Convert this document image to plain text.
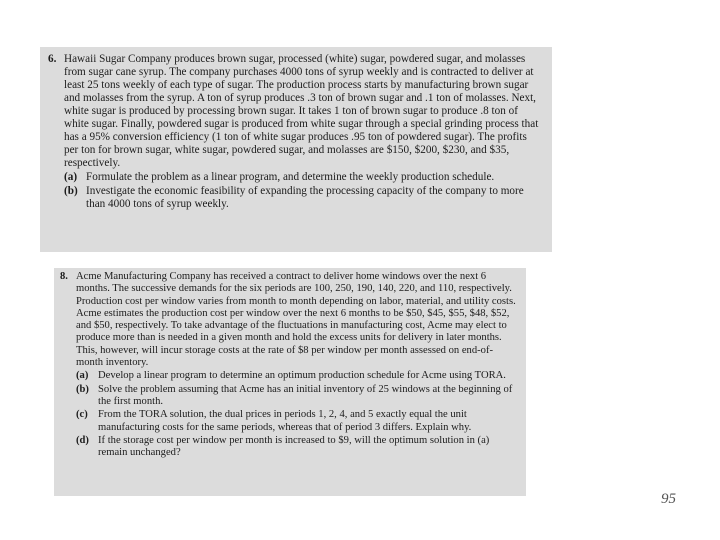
6. Hawaii Sugar Company produces brown sugar, processed (white) sugar, powdered sugar, and molasses from sugar cane syrup. The company purchases 4000 tons of syrup weekly and is contracted to deliver at least 25 tons weekly of each type of sugar. The production process starts by manufacturing brown sugar and molasses from the syrup. A ton of syrup produces .3 ton of brown sugar and .1 ton of molasses. Next, white sugar is produced by processing brown sugar. It takes 1 ton of brown sugar to produce .8 ton of white sugar. Finally, powdered sugar is produced from white sugar through a special grinding process that has a 95% conversion efficiency (1 ton of white sugar produces .95 ton of powdered sugar). The profits per ton for brown sugar, white sugar, powdered sugar, and molasses are $150, $200, $230, and $35, respectively.
(a) Formulate the problem as a linear program, and determine the weekly production schedule.
(b) Investigate the economic feasibility of expanding the processing capacity of the company to more than 4000 tons of syrup weekly.
8. Acme Manufacturing Company has received a contract to deliver home windows over the next 6 months. The successive demands for the six periods are 100, 250, 190, 140, 220, and 110, respectively. Production cost per window varies from month to month depending on labor, material, and utility costs. Acme estimates the production cost per window over the next 6 months to be $50, $45, $55, $48, $52, and $50, respectively. To take advantage of the fluctuations in manufacturing cost, Acme may elect to produce more than is needed in a given month and hold the excess units for delivery in later months. This, however, will incur storage costs at the rate of $8 per window per month assessed on end-of-month inventory.
(a) Develop a linear program to determine an optimum production schedule for Acme using TORA.
(b) Solve the problem assuming that Acme has an initial inventory of 25 windows at the beginning of the first month.
(c) From the TORA solution, the dual prices in periods 1, 2, 4, and 5 exactly equal the unit manufacturing costs for the same periods, whereas that of period 3 differs. Explain why.
(d) If the storage cost per window per month is increased to $9, will the optimum solution in (a) remain unchanged?
95
